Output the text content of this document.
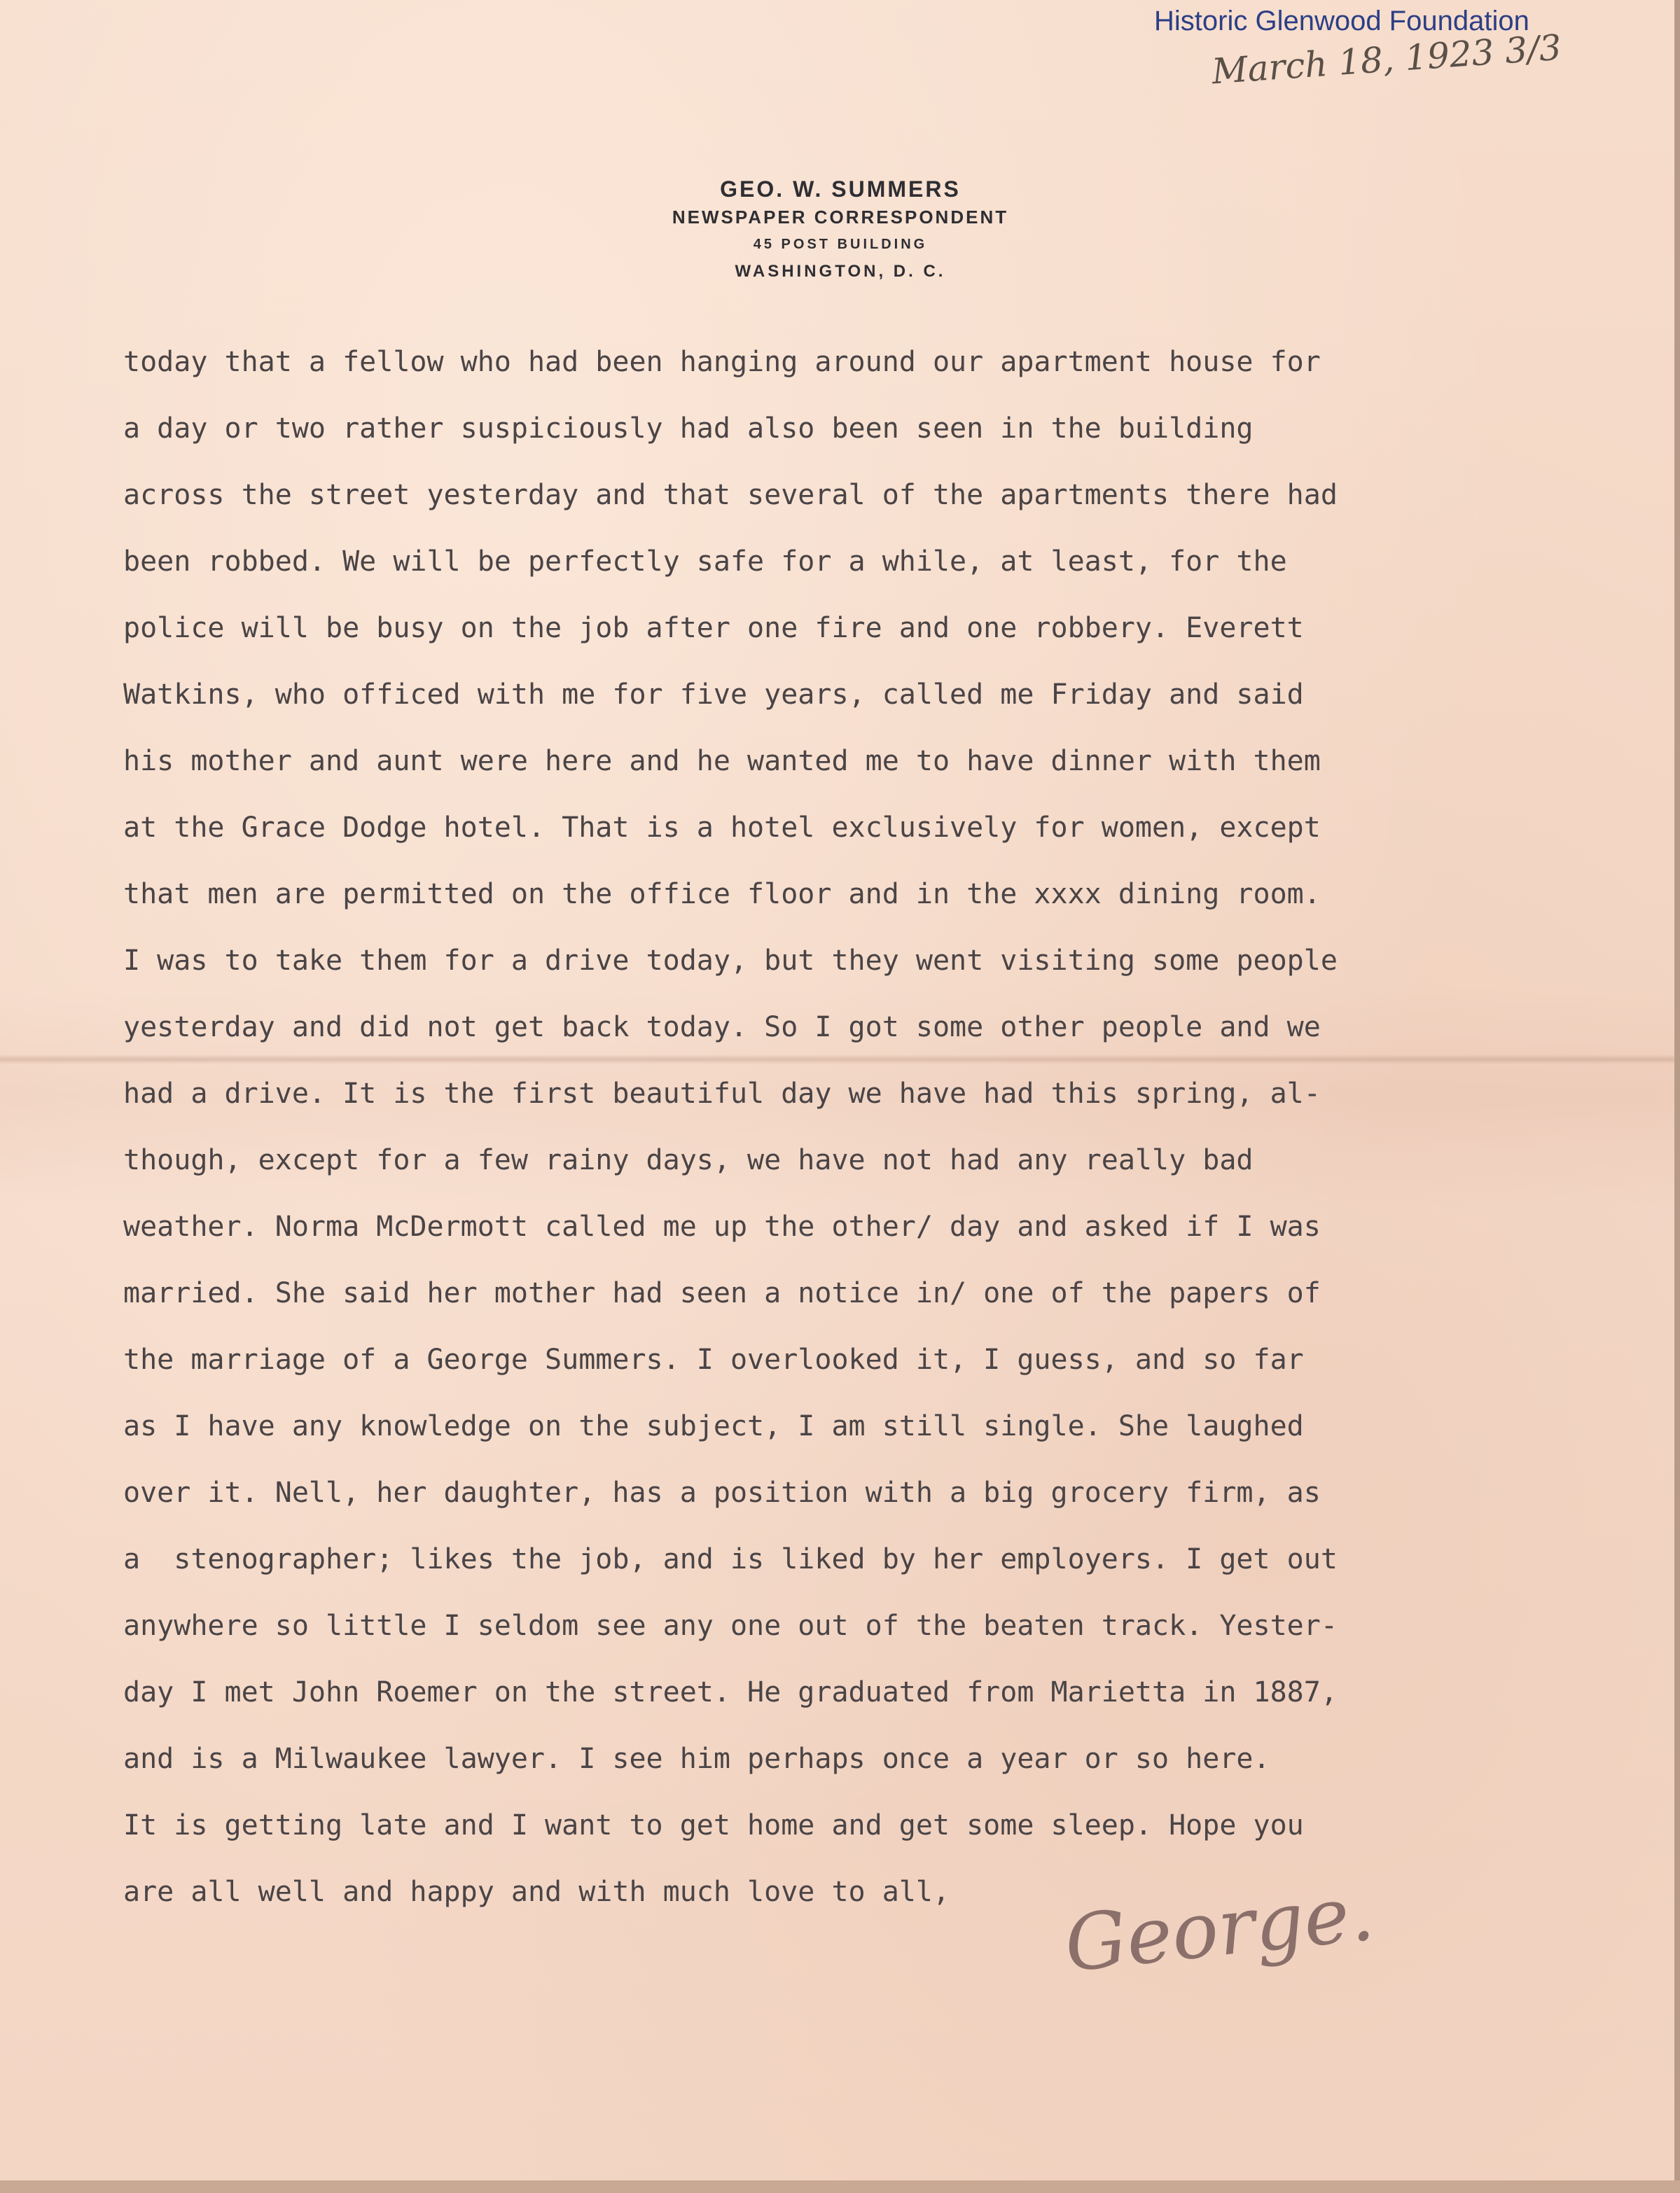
Historic Glenwood Foundation
March 18, 1923 3/3
GEO. W. SUMMERS
NEWSPAPER CORRESPONDENT
45 POST BUILDING
WASHINGTON, D. C.
today that a fellow who had been hanging around our apartment house for
a day or two rather suspiciously had also been seen in the building
across the street yesterday and that several of the apartments there had
been robbed. We will be perfectly safe for a while, at least, for the
police will be busy on the job after one fire and one robbery. Everett
Watkins, who officed with me for five years, called me Friday and said
his mother and aunt were here and he wanted me to have dinner with them
at the Grace Dodge hotel. That is a hotel exclusively for women, except
that men are permitted on the office floor and in the xxxx dining room.
I was to take them for a drive today, but they went visiting some people
yesterday and did not get back today. So I got some other people and we
had a drive. It is the first beautiful day we have had this spring, al-
though, except for a few rainy days, we have not had any really bad
weather. Norma McDermott called me up the other/ day and asked if I was
married. She said her mother had seen a notice in/ one of the papers of
the marriage of a George Summers. I overlooked it, I guess, and so far
as I have any knowledge on the subject, I am still single. She laughed
over it. Nell, her daughter, has a position with a big grocery firm, as
a  stenographer; likes the job, and is liked by her employers. I get out
anywhere so little I seldom see any one out of the beaten track. Yester-
day I met John Roemer on the street. He graduated from Marietta in 1887,
and is a Milwaukee lawyer. I see him perhaps once a year or so here.
It is getting late and I want to get home and get some sleep. Hope you
are all well and happy and with much love to all,	George.
